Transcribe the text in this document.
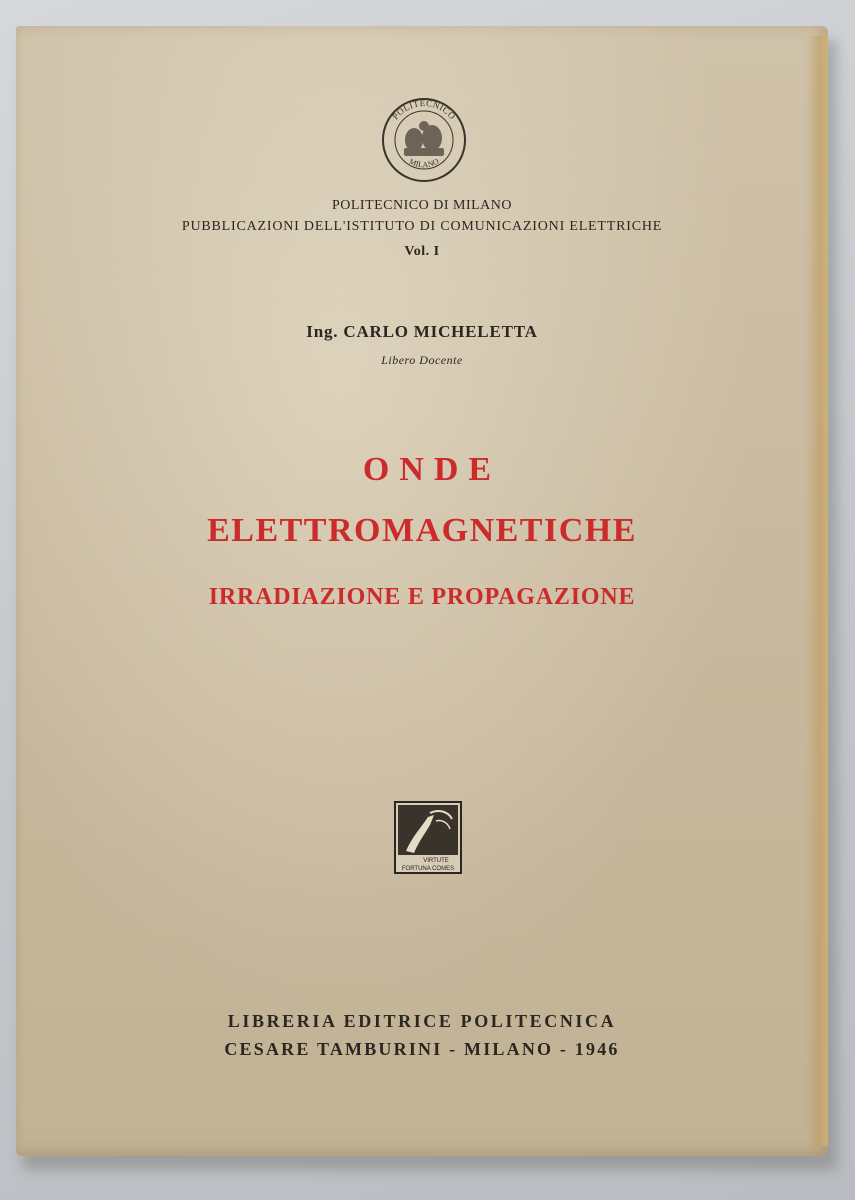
POLITECNICO
MILANO

POLITECNICO DI MILANO

PUBBLICAZIONI DELL'ISTITUTO DI COMUNICAZIONI ELETTRICHE

Vol. I

Ing. CARLO MICHELETTA

Libero Docente

ONDE

ELETTROMAGNETICHE

IRRADIAZIONE E PROPAGAZIONE

VIRTUTE
FORTUNA COMES

LIBRERIA EDITRICE POLITECNICA

CESARE TAMBURINI - MILANO - 1946
